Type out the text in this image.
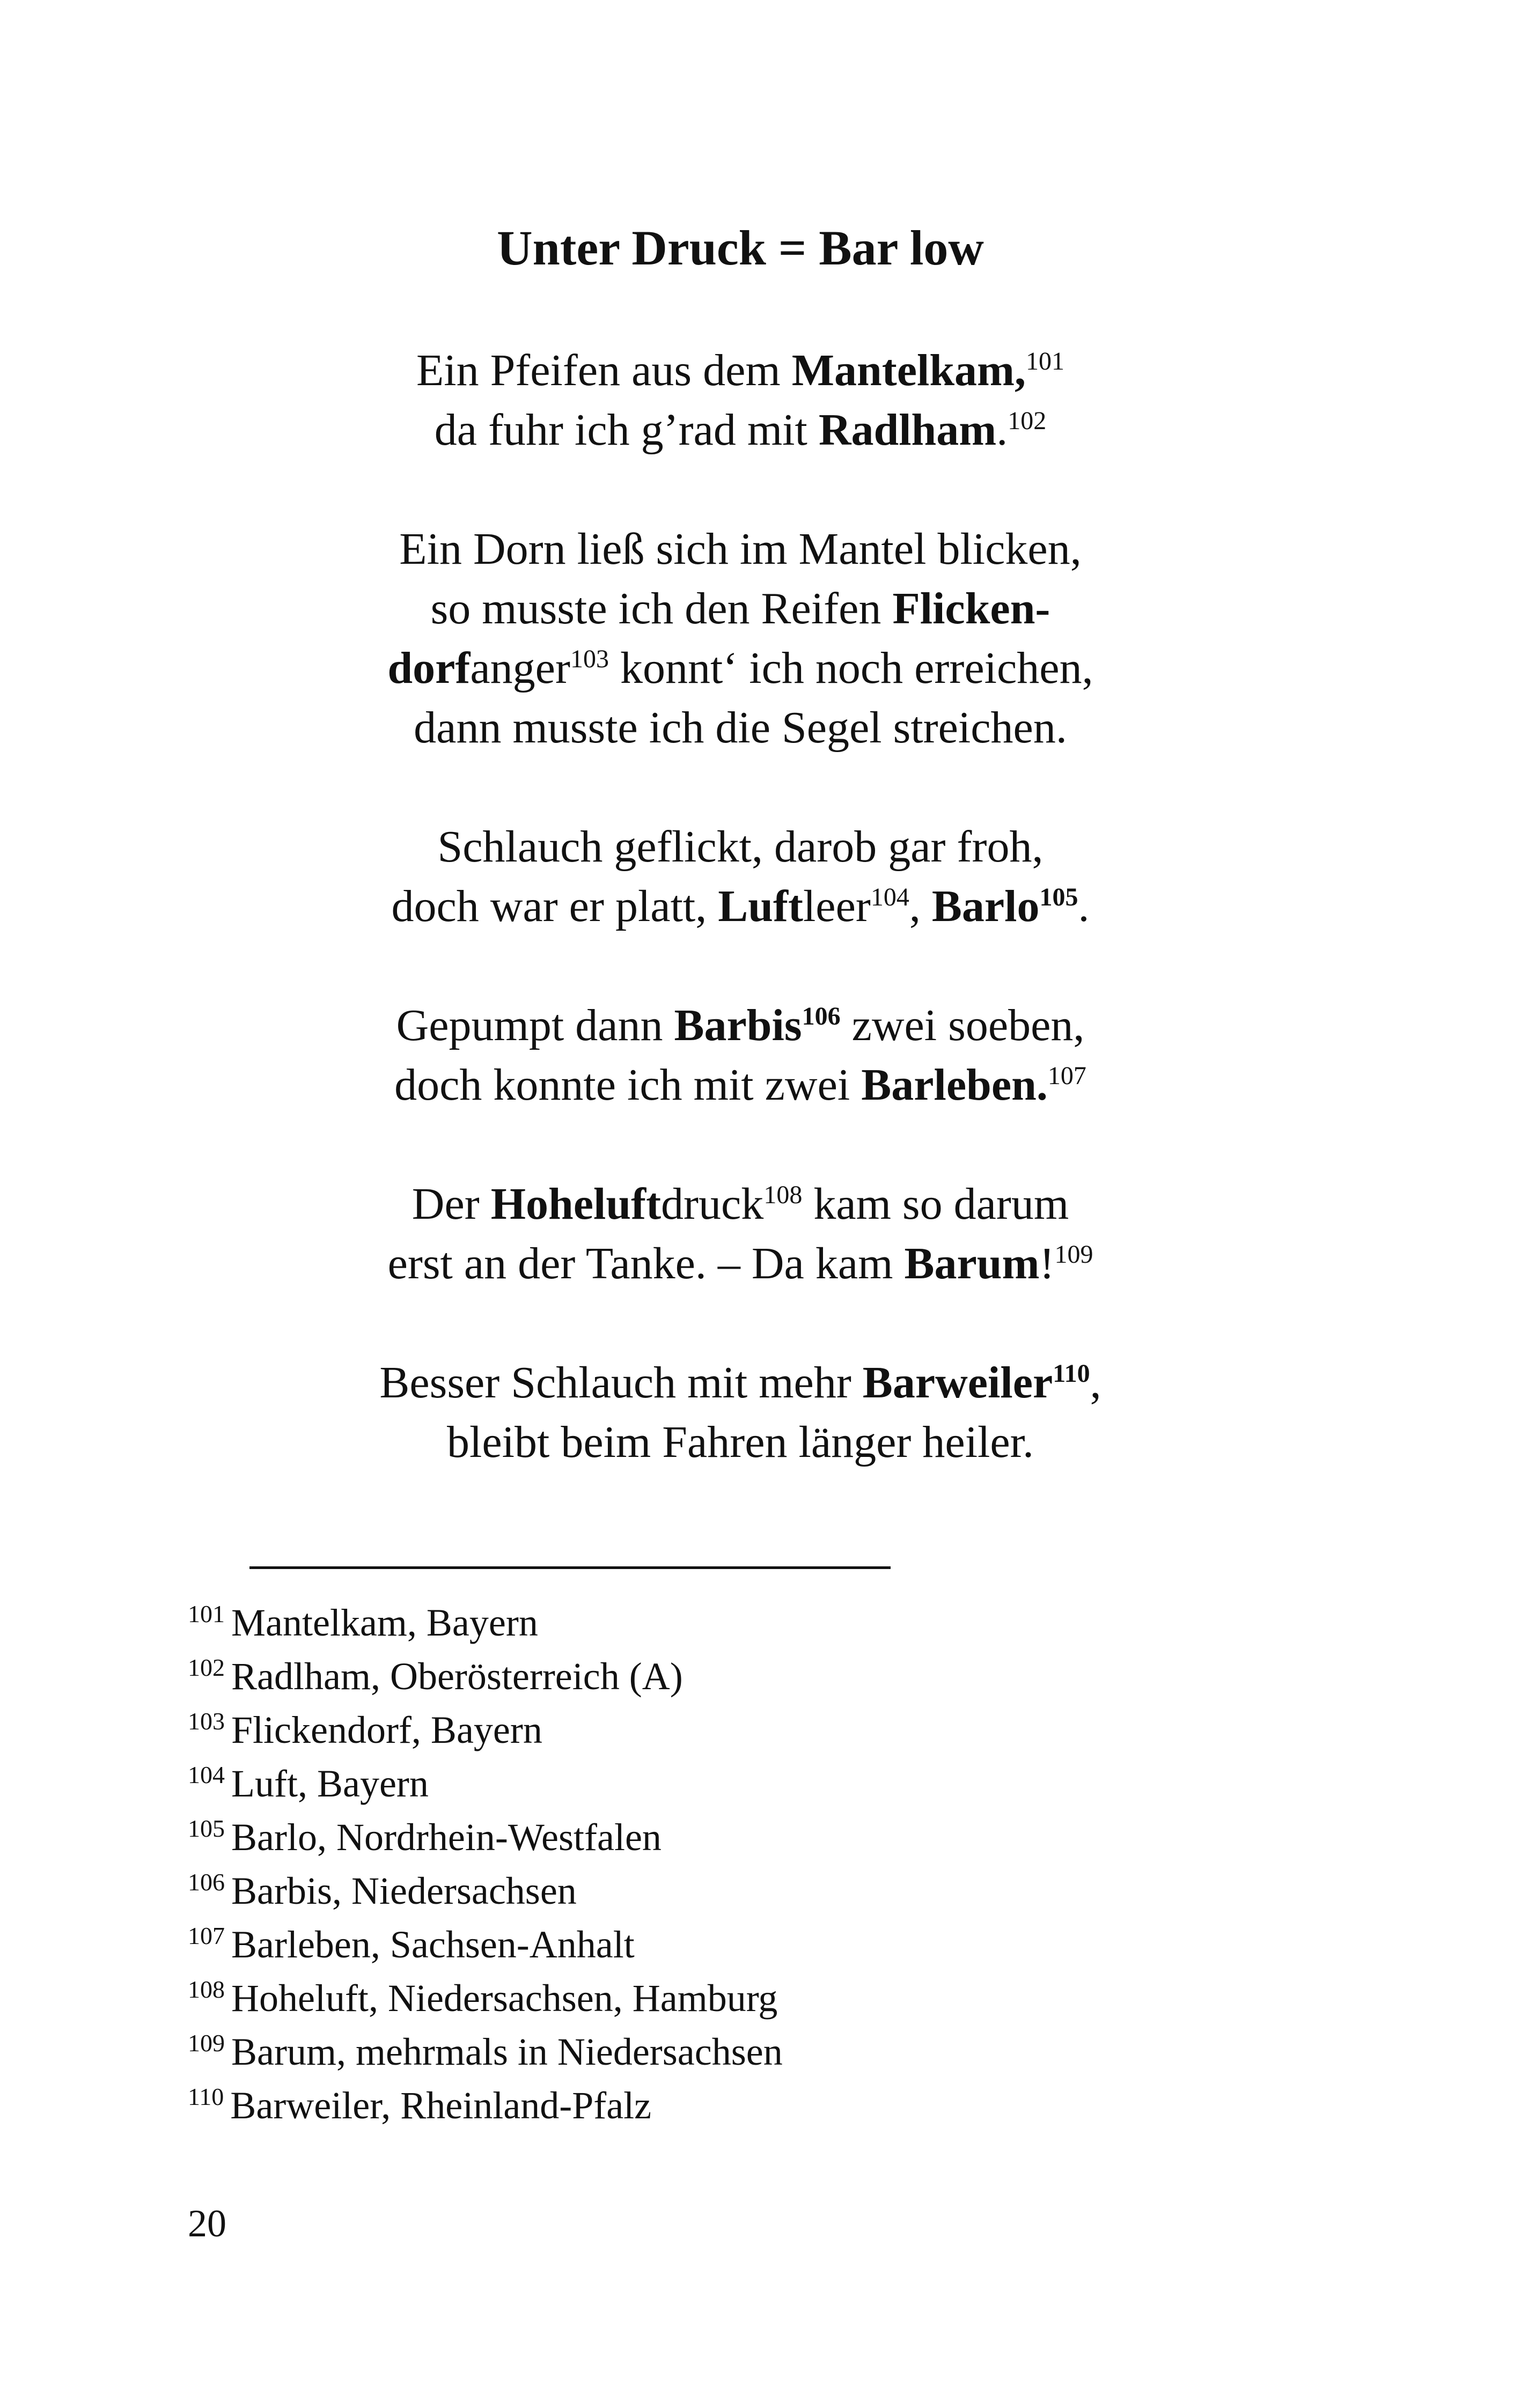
Unter Druck = Bar low
Ein Pfeifen aus dem Mantelkam,$^{101}$
da fuhr ich g’rad mit Radlham.$^{102}$
Ein Dorn ließ sich im Mantel blicken,
so musste ich den Reifen Flicken-
dorfanger$^{103}$ konnt‘ ich noch erreichen,
dann musste ich die Segel streichen.
Schlauch geflickt, darob gar froh,
doch war er platt, Luftleer$^{104}$, Barlo$^{105}$.
Gepumpt dann Barbis$^{106}$ zwei soeben,
doch konnte ich mit zwei Barleben.$^{107}$
Der Hoheluftdruck$^{108}$ kam so darum
erst an der Tanke. – Da kam Barum!$^{109}$
Besser Schlauch mit mehr Barweiler$^{110}$,
bleibt beim Fahren länger heiler.
$^{101}$ Mantelkam, Bayern
$^{102}$ Radlham, Oberösterreich (A)
$^{103}$ Flickendorf, Bayern
$^{104}$ Luft, Bayern
$^{105}$ Barlo, Nordrhein-Westfalen
$^{106}$ Barbis, Niedersachsen
$^{107}$ Barleben, Sachsen-Anhalt
$^{108}$ Hoheluft, Niedersachsen, Hamburg
$^{109}$ Barum, mehrmals in Niedersachsen
$^{110}$ Barweiler, Rheinland-Pfalz
20
